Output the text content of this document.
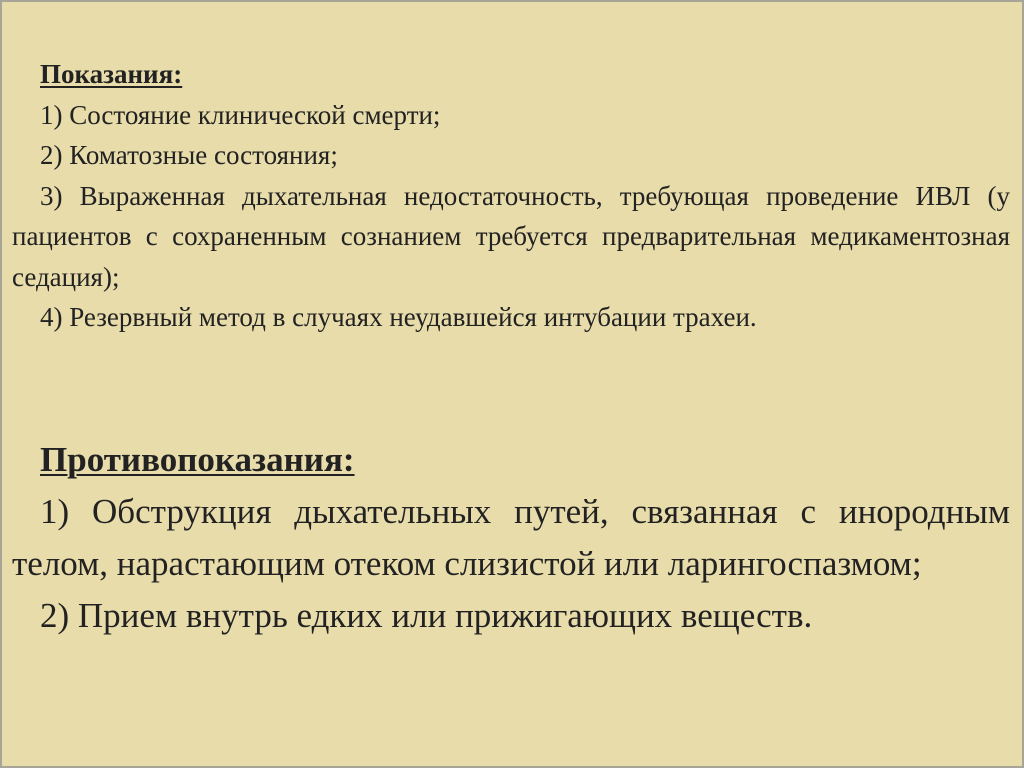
Показания:
1) Состояние клинической смерти;
2) Коматозные состояния;
3) Выраженная дыхательная недостаточность, требующая проведение ИВЛ (у пациентов с сохраненным сознанием требуется предварительная медикаментозная седация);
4) Резервный метод в случаях неудавшейся интубации трахеи.
Противопоказания:
1) Обструкция дыхательных путей, связанная с инородным телом, нарастающим отеком слизистой или ларингоспазмом;
2) Прием внутрь едких или прижигающих веществ.
